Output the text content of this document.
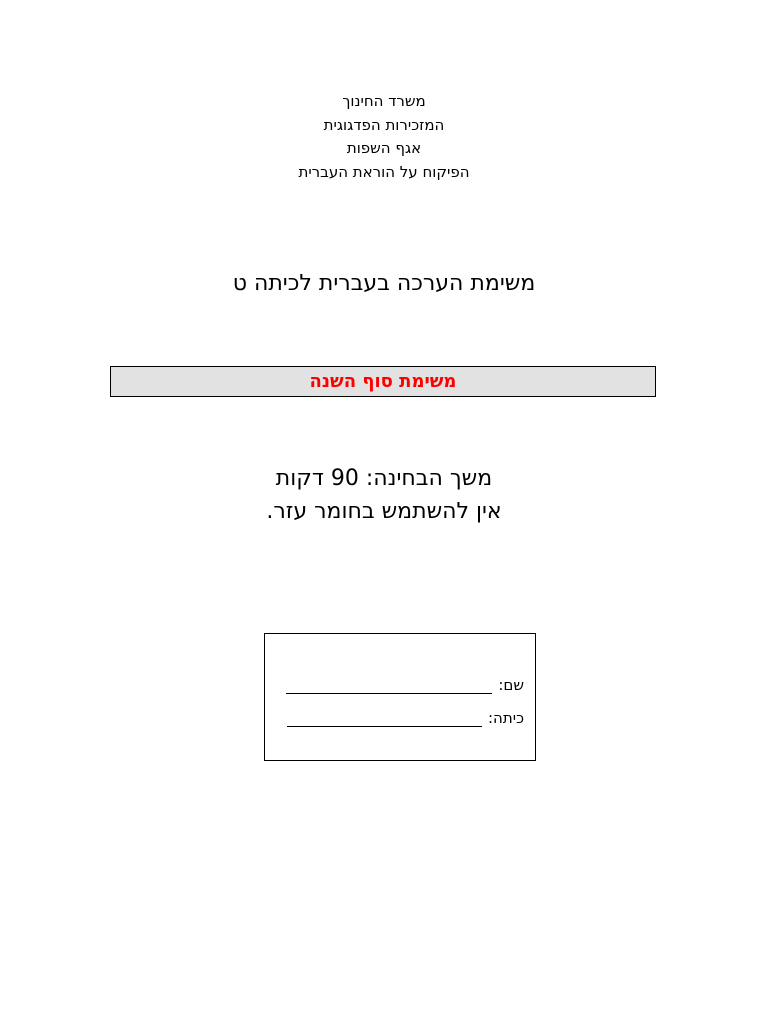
משרד החינוך
המזכירות הפדגוגית
אגף השפות
הפיקוח על הוראת העברית
משימת הערכה בעברית לכיתה ט
משימת סוף השנה
משך הבחינה: 90 דקות
אין להשתמש בחומר עזר.
שם:
כיתה:
